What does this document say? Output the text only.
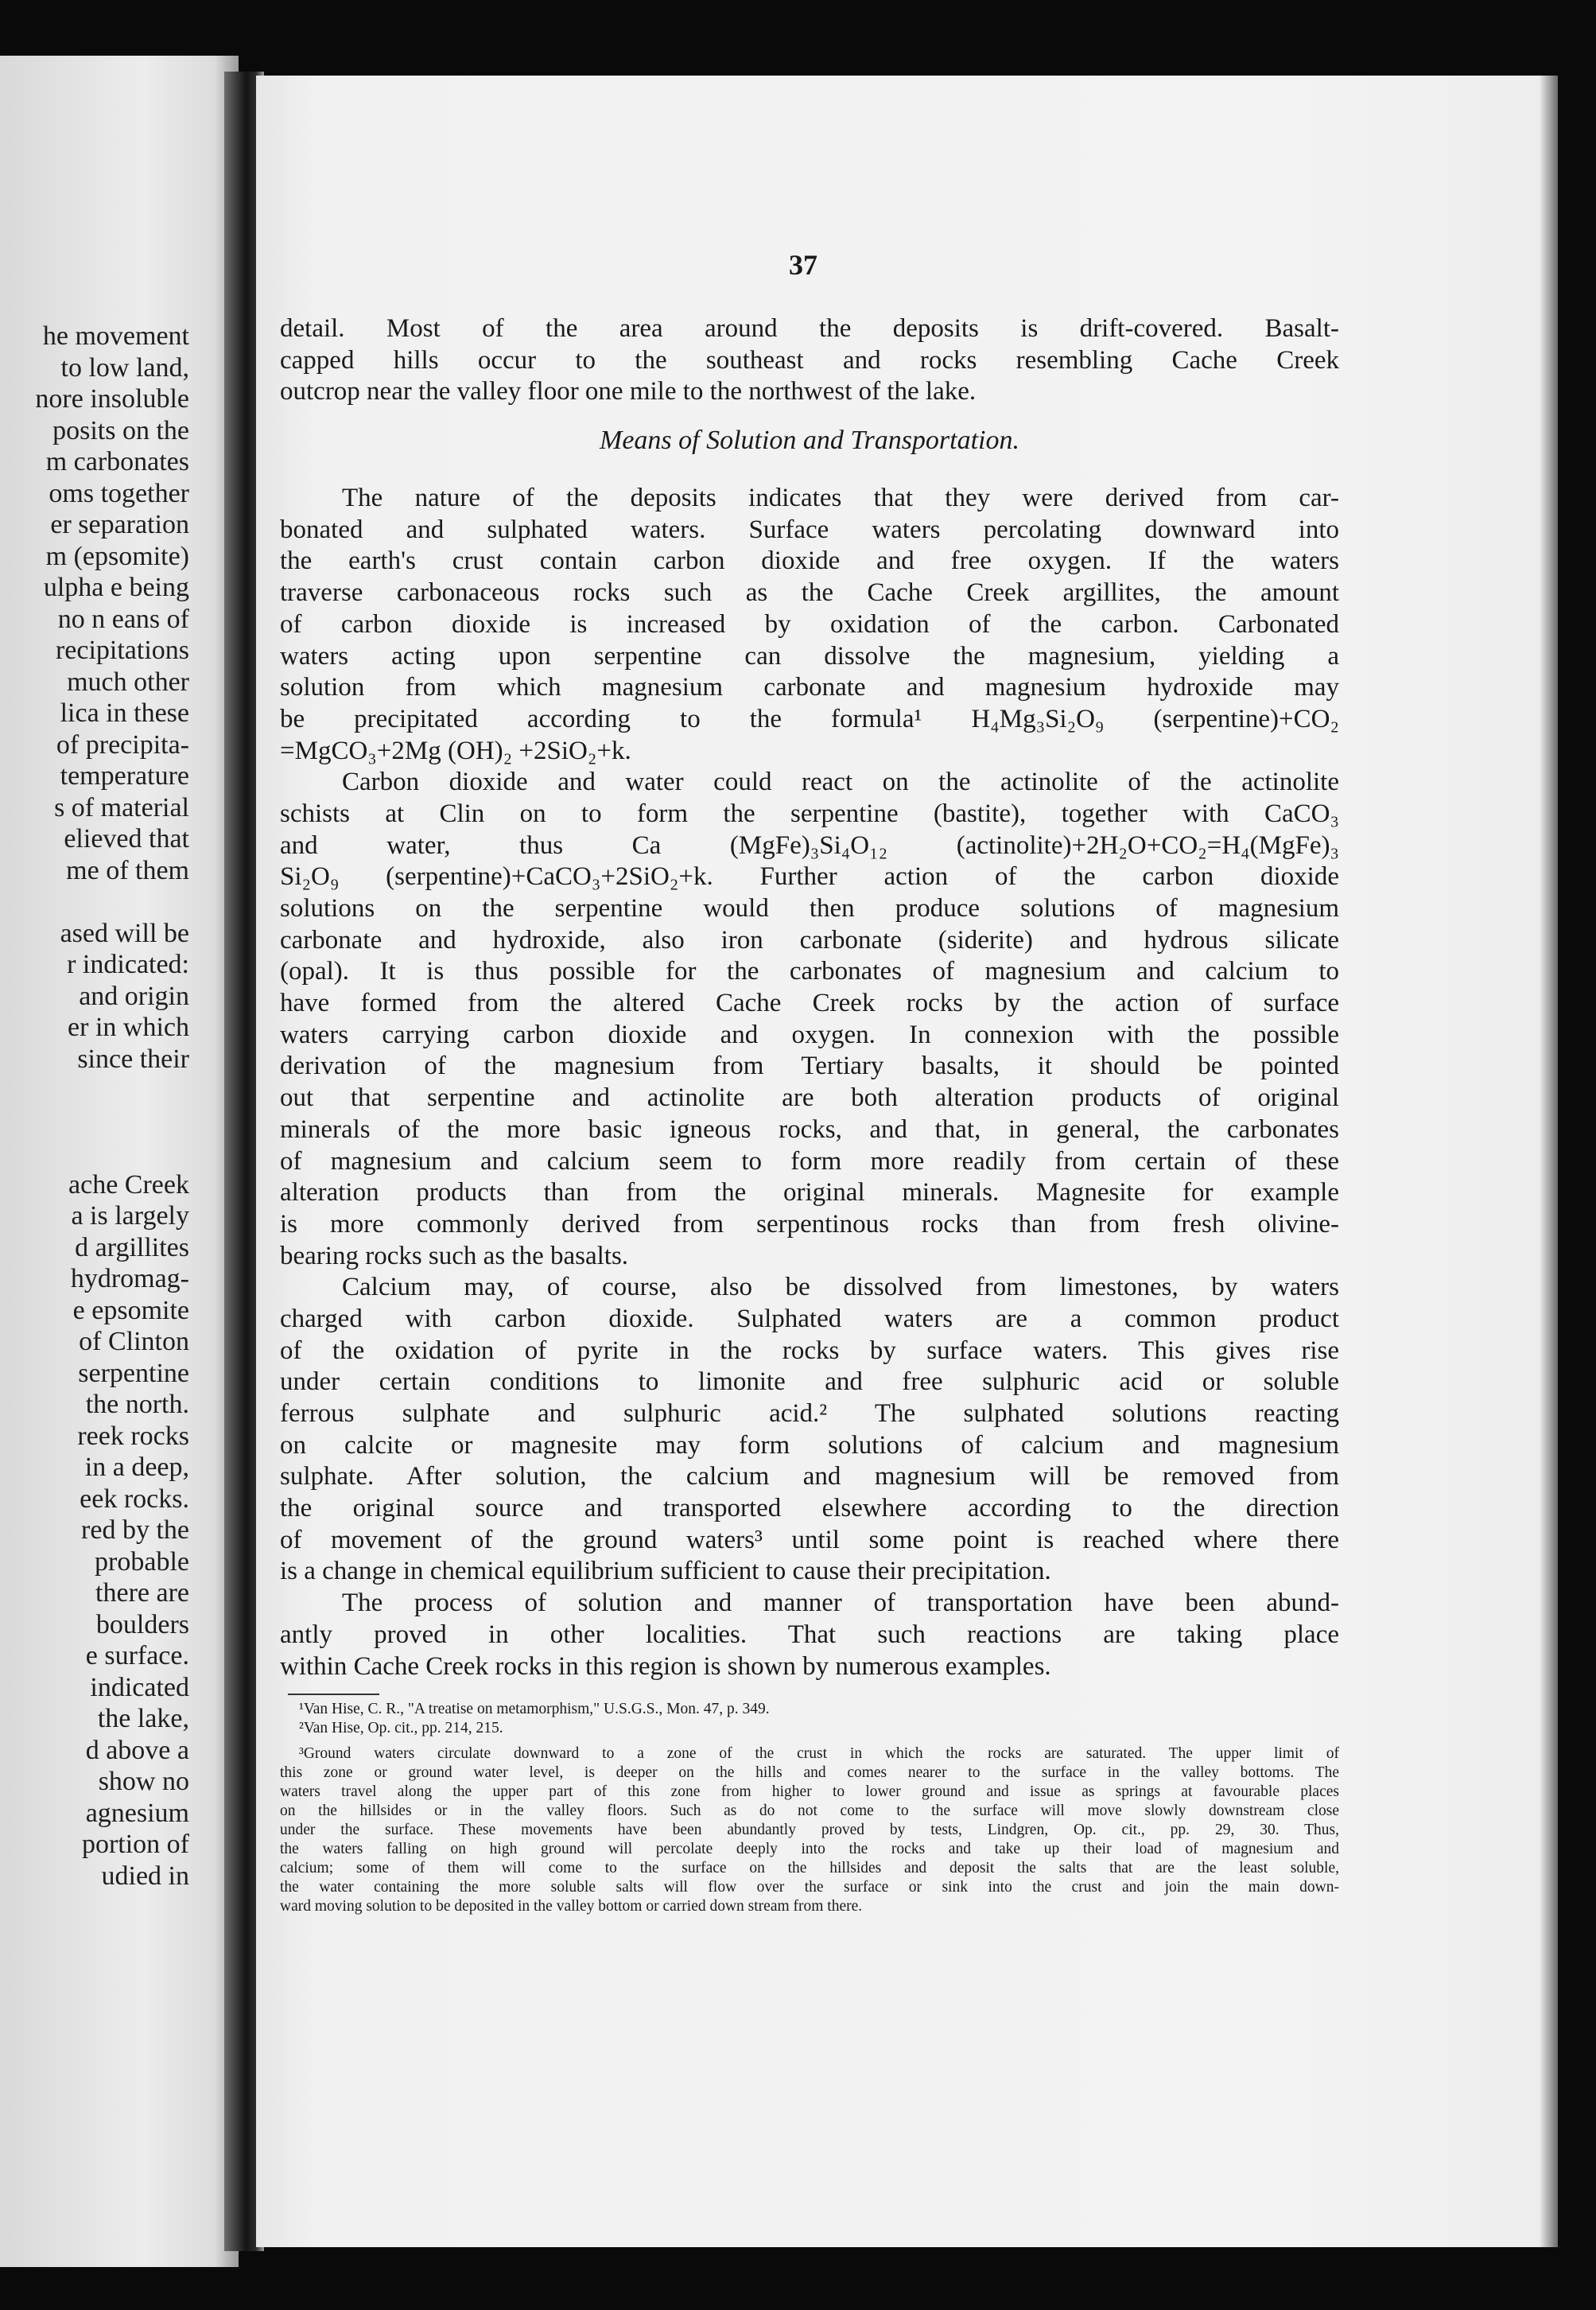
he movement
to low land,
nore insoluble
posits on the
m carbonates
oms together
er separation
m (epsomite)
ulpha e being
no n eans of
recipitations
much other
lica in these
of precipita-
temperature
s of material
elieved that
me of them
ased will be
r indicated:
and origin
er in which
since their
ache Creek
a is largely
d argillites
hydromag-
e epsomite
of Clinton
serpentine
the north.
reek rocks
in a deep,
eek rocks.
red by the
probable
there are
boulders
e surface.
indicated
the lake,
d above a
show no
agnesium
portion of
udied in
37
detail. Most of the area around the deposits is drift-covered. Basalt-
capped hills occur to the southeast and rocks resembling Cache Creek
outcrop near the valley floor one mile to the northwest of the lake.
Means of Solution and Transportation.
The nature of the deposits indicates that they were derived from car-
bonated and sulphated waters. Surface waters percolating downward into
the earth's crust contain carbon dioxide and free oxygen. If the waters
traverse carbonaceous rocks such as the Cache Creek argillites, the amount
of carbon dioxide is increased by oxidation of the carbon. Carbonated
waters acting upon serpentine can dissolve the magnesium, yielding a
solution from which magnesium carbonate and magnesium hydroxide may
be precipitated according to the formula¹ H₄Mg₃Si₂O₉ (serpentine)+CO₂
=MgCO₃+2Mg (OH)₂ +2SiO₂+k.
Carbon dioxide and water could react on the actinolite of the actinolite
schists at Clin on to form the serpentine (bastite), together with CaCO₃
and water, thus Ca (MgFe)₃Si₄O₁₂ (actinolite)+2H₂O+CO₂=H₄(MgFe)₃
Si₂O₉ (serpentine)+CaCO₃+2SiO₂+k. Further action of the carbon dioxide
solutions on the serpentine would then produce solutions of magnesium
carbonate and hydroxide, also iron carbonate (siderite) and hydrous silicate
(opal). It is thus possible for the carbonates of magnesium and calcium to
have formed from the altered Cache Creek rocks by the action of surface
waters carrying carbon dioxide and oxygen. In connexion with the possible
derivation of the magnesium from Tertiary basalts, it should be pointed
out that serpentine and actinolite are both alteration products of original
minerals of the more basic igneous rocks, and that, in general, the carbonates
of magnesium and calcium seem to form more readily from certain of these
alteration products than from the original minerals. Magnesite for example
is more commonly derived from serpentinous rocks than from fresh olivine-
bearing rocks such as the basalts.
Calcium may, of course, also be dissolved from limestones, by waters
charged with carbon dioxide. Sulphated waters are a common product
of the oxidation of pyrite in the rocks by surface waters. This gives rise
under certain conditions to limonite and free sulphuric acid or soluble
ferrous sulphate and sulphuric acid.² The sulphated solutions reacting
on calcite or magnesite may form solutions of calcium and magnesium
sulphate. After solution, the calcium and magnesium will be removed from
the original source and transported elsewhere according to the direction
of movement of the ground waters³ until some point is reached where there
is a change in chemical equilibrium sufficient to cause their precipitation.
The process of solution and manner of transportation have been abund-
antly proved in other localities. That such reactions are taking place
within Cache Creek rocks in this region is shown by numerous examples.
¹Van Hise, C. R., "A treatise on metamorphism," U.S.G.S., Mon. 47, p. 349.
²Van Hise, Op. cit., pp. 214, 215.
³Ground waters circulate downward to a zone of the crust in which the rocks are saturated. The upper limit of
this zone or ground water level, is deeper on the hills and comes nearer to the surface in the valley bottoms. The
waters travel along the upper part of this zone from higher to lower ground and issue as springs at favourable places
on the hillsides or in the valley floors. Such as do not come to the surface will move slowly downstream close
under the surface. These movements have been abundantly proved by tests, Lindgren, Op. cit., pp. 29, 30. Thus,
the waters falling on high ground will percolate deeply into the rocks and take up their load of magnesium and
calcium; some of them will come to the surface on the hillsides and deposit the salts that are the least soluble,
the water containing the more soluble salts will flow over the surface or sink into the crust and join the main down-
ward moving solution to be deposited in the valley bottom or carried down stream from there.
